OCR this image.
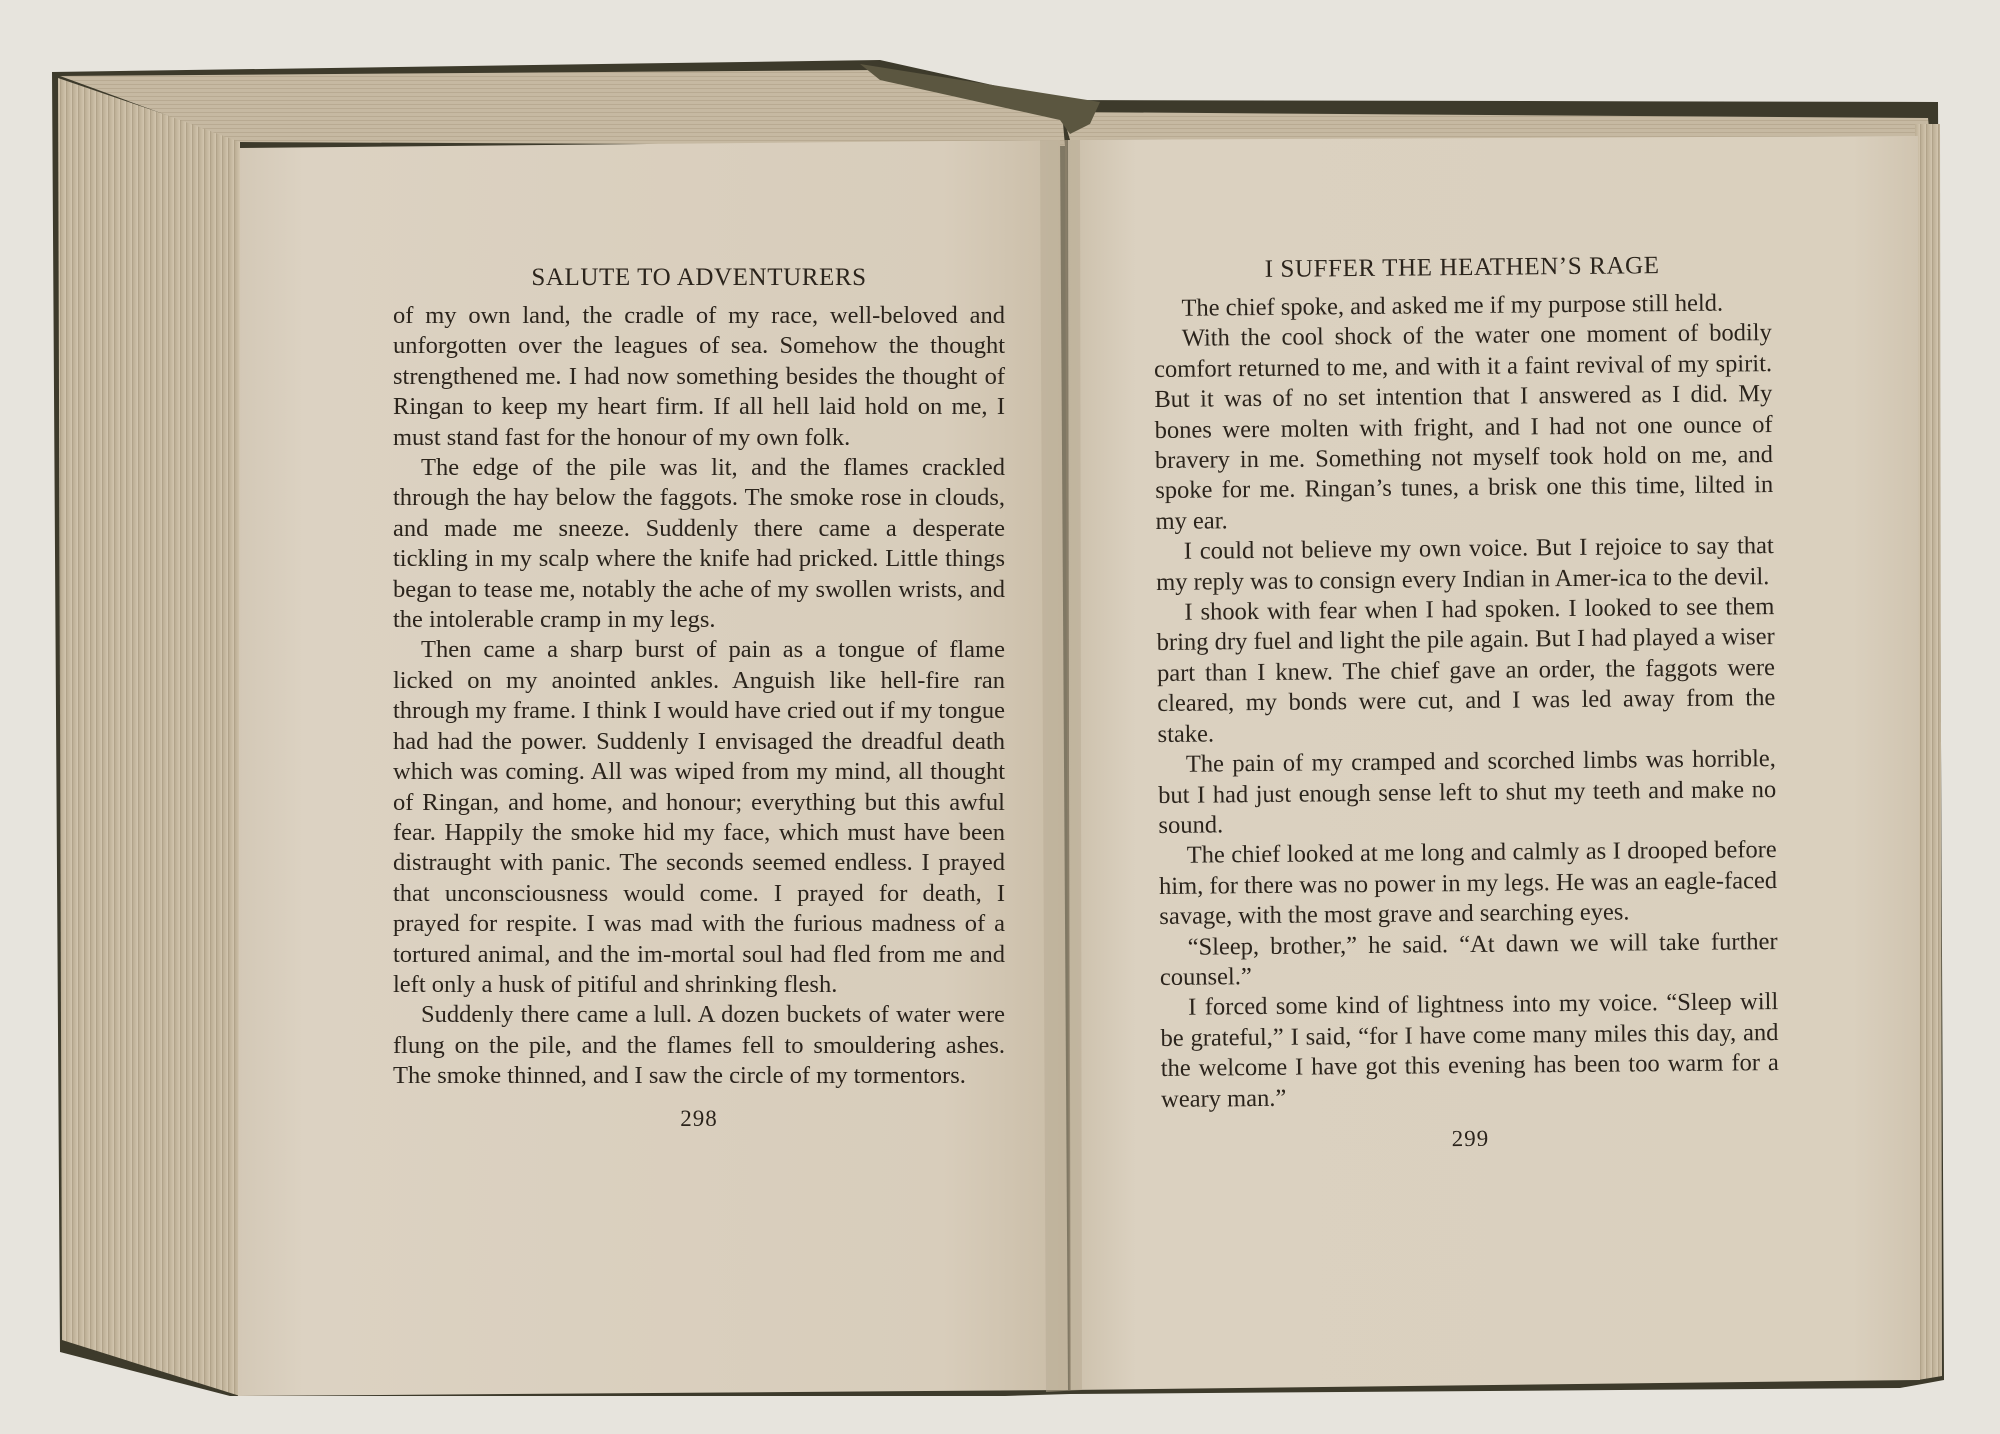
SALUTE TO ADVENTURERS

of my own land, the cradle of my race, well-beloved and unforgotten over the leagues of sea. Somehow the thought strengthened me. I had now something besides the thought of Ringan to keep my heart firm. If all hell laid hold on me, I must stand fast for the honour of my own folk.

The edge of the pile was lit, and the flames crackled through the hay below the faggots. The smoke rose in clouds, and made me sneeze. Suddenly there came a desperate tickling in my scalp where the knife had pricked. Little things began to tease me, notably the ache of my swollen wrists, and the intolerable cramp in my legs.

Then came a sharp burst of pain as a tongue of flame licked on my anointed ankles. Anguish like hell-fire ran through my frame. I think I would have cried out if my tongue had had the power. Suddenly I envisaged the dreadful death which was coming. All was wiped from my mind, all thought of Ringan, and home, and honour; everything but this awful fear. Happily the smoke hid my face, which must have been distraught with panic. The seconds seemed endless. I prayed that unconsciousness would come. I prayed for death, I prayed for respite. I was mad with the furious madness of a tortured animal, and the im-mortal soul had fled from me and left only a husk of pitiful and shrinking flesh.

Suddenly there came a lull. A dozen buckets of water were flung on the pile, and the flames fell to smouldering ashes. The smoke thinned, and I saw the circle of my tormentors.

298
I SUFFER THE HEATHEN’S RAGE

The chief spoke, and asked me if my purpose still held.

With the cool shock of the water one moment of bodily comfort returned to me, and with it a faint revival of my spirit. But it was of no set intention that I answered as I did. My bones were molten with fright, and I had not one ounce of bravery in me. Something not myself took hold on me, and spoke for me. Ringan’s tunes, a brisk one this time, lilted in my ear.

I could not believe my own voice. But I rejoice to say that my reply was to consign every Indian in Amer-ica to the devil.

I shook with fear when I had spoken. I looked to see them bring dry fuel and light the pile again. But I had played a wiser part than I knew. The chief gave an order, the faggots were cleared, my bonds were cut, and I was led away from the stake.

The pain of my cramped and scorched limbs was horrible, but I had just enough sense left to shut my teeth and make no sound.

The chief looked at me long and calmly as I drooped before him, for there was no power in my legs. He was an eagle-faced savage, with the most grave and searching eyes.

“Sleep, brother,” he said. “At dawn we will take further counsel.”

I forced some kind of lightness into my voice. “Sleep will be grateful,” I said, “for I have come many miles this day, and the welcome I have got this evening has been too warm for a weary man.”

299
